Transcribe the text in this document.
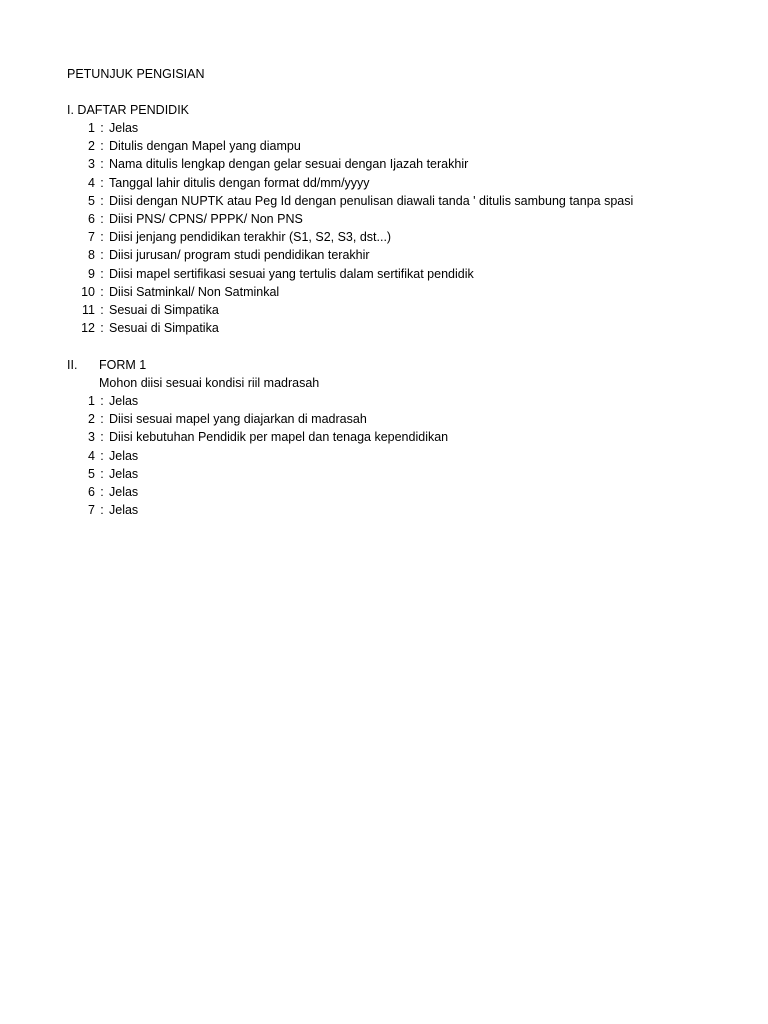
PETUNJUK PENGISIAN
I. DAFTAR PENDIDIK
1 : Jelas
2 : Ditulis dengan Mapel yang diampu
3 : Nama ditulis lengkap dengan gelar sesuai dengan Ijazah terakhir
4 : Tanggal lahir ditulis dengan format dd/mm/yyyy
5 : Diisi dengan NUPTK atau Peg Id dengan penulisan diawali tanda ' ditulis sambung tanpa spasi
6 : Diisi PNS/ CPNS/ PPPK/ Non PNS
7 : Diisi jenjang pendidikan terakhir (S1, S2, S3, dst...)
8 : Diisi jurusan/ program studi pendidikan terakhir
9 : Diisi mapel sertifikasi sesuai yang tertulis dalam sertifikat pendidik
10 : Diisi Satminkal/ Non Satminkal
11 : Sesuai di Simpatika
12 : Sesuai di Simpatika
II. FORM 1
Mohon diisi sesuai kondisi riil madrasah
1 : Jelas
2 : Diisi sesuai mapel yang diajarkan di madrasah
3 : Diisi kebutuhan Pendidik per mapel dan tenaga kependidikan
4 : Jelas
5 : Jelas
6 : Jelas
7 : Jelas
